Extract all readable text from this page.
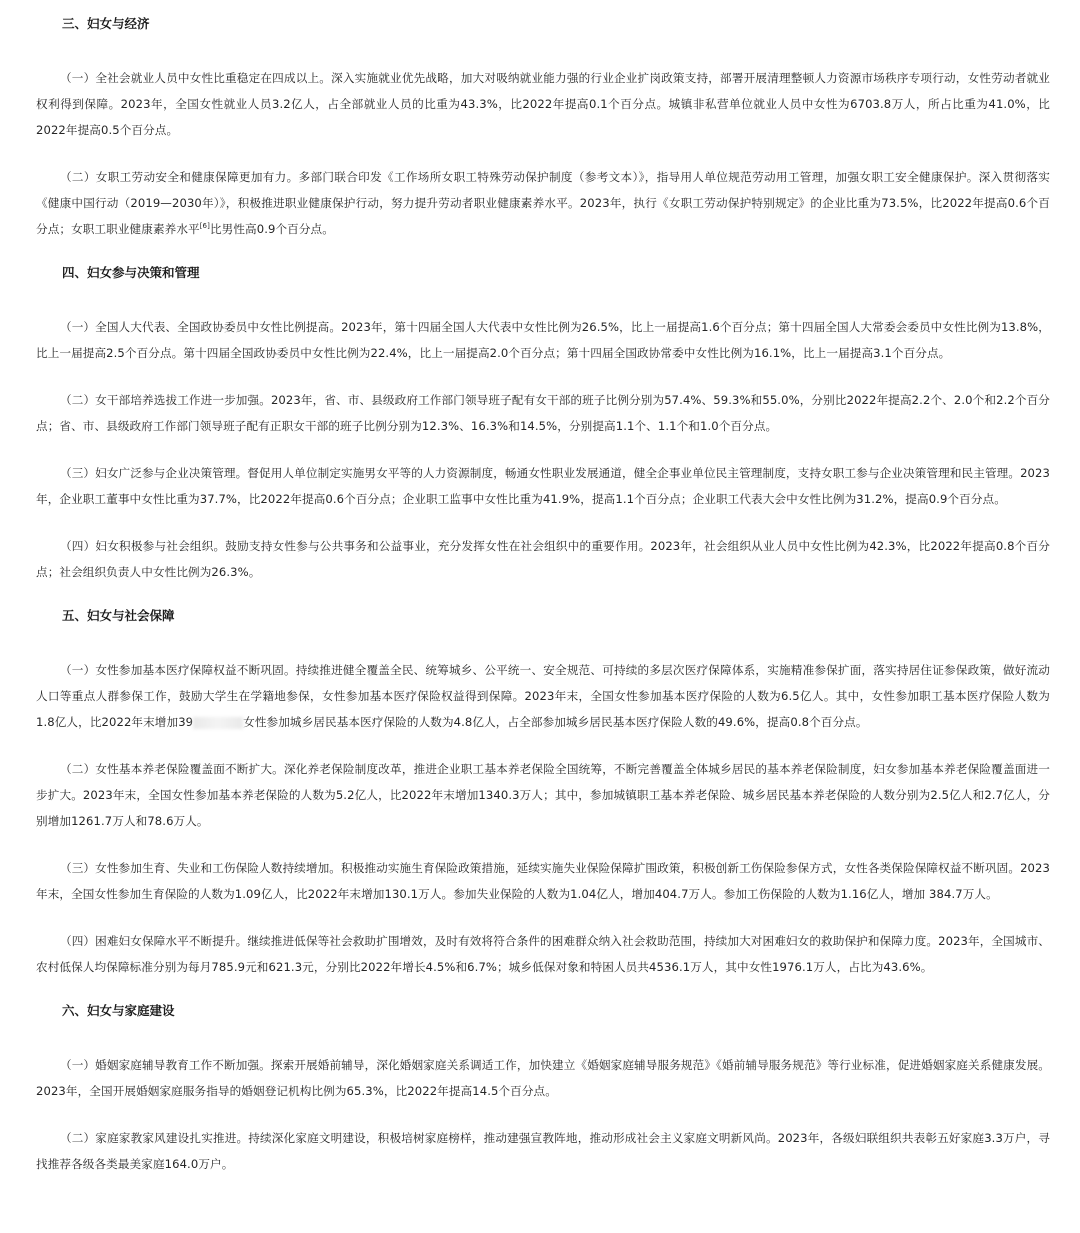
三、妇女与经济

（一）全社会就业人员中女性比重稳定在四成以上。深入实施就业优先战略，加大对吸纳就业能力强的行业企业扩岗政策支持，部署开展清理整顿人力资源市场秩序专项行动，女性劳动者就业权利得到保障。2023年，全国女性就业人员3.2亿人，占全部就业人员的比重为43.3%，比2022年提高0.1个百分点。城镇非私营单位就业人员中女性为6703.8万人，所占比重为41.0%，比2022年提高0.5个百分点。

（二）女职工劳动安全和健康保障更加有力。多部门联合印发《工作场所女职工特殊劳动保护制度（参考文本）》，指导用人单位规范劳动用工管理，加强女职工安全健康保护。深入贯彻落实《健康中国行动（2019—2030年）》，积极推进职业健康保护行动，努力提升劳动者职业健康素养水平。2023年，执行《女职工劳动保护特别规定》的企业比重为73.5%，比2022年提高0.6个百分点；女职工职业健康素养水平[6]比男性高0.9个百分点。

四、妇女参与决策和管理

（一）全国人大代表、全国政协委员中女性比例提高。2023年，第十四届全国人大代表中女性比例为26.5%，比上一届提高1.6个百分点；第十四届全国人大常委会委员中女性比例为13.8%，比上一届提高2.5个百分点。第十四届全国政协委员中女性比例为22.4%，比上一届提高2.0个百分点；第十四届全国政协常委中女性比例为16.1%，比上一届提高3.1个百分点。

（二）女干部培养选拔工作进一步加强。2023年，省、市、县级政府工作部门领导班子配有女干部的班子比例分别为57.4%、59.3%和55.0%，分别比2022年提高2.2个、2.0个和2.2个百分点；省、市、县级政府工作部门领导班子配有正职女干部的班子比例分别为12.3%、16.3%和14.5%，分别提高1.1个、1.1个和1.0个百分点。

（三）妇女广泛参与企业决策管理。督促用人单位制定实施男女平等的人力资源制度，畅通女性职业发展通道，健全企事业单位民主管理制度，支持女职工参与企业决策管理和民主管理。2023年，企业职工董事中女性比重为37.7%，比2022年提高0.6个百分点；企业职工监事中女性比重为41.9%，提高1.1个百分点；企业职工代表大会中女性比例为31.2%，提高0.9个百分点。

（四）妇女积极参与社会组织。鼓励支持女性参与公共事务和公益事业，充分发挥女性在社会组织中的重要作用。2023年，社会组织从业人员中女性比例为42.3%，比2022年提高0.8个百分点；社会组织负责人中女性比例为26.3%。

五、妇女与社会保障

（一）女性参加基本医疗保障权益不断巩固。持续推进健全覆盖全民、统筹城乡、公平统一、安全规范、可持续的多层次医疗保障体系，实施精准参保扩面，落实持居住证参保政策，做好流动人口等重点人群参保工作，鼓励大学生在学籍地参保，女性参加基本医疗保险权益得到保障。2023年末，全国女性参加基本医疗保险的人数为6.5亿人。其中，女性参加职工基本医疗保险人数为1.8亿人，比2022年末增加39	女性参加城乡居民基本医疗保险的人数为4.8亿人，占全部参加城乡居民基本医疗保险人数的49.6%，提高0.8个百分点。

（二）女性基本养老保险覆盖面不断扩大。深化养老保险制度改革，推进企业职工基本养老保险全国统筹，不断完善覆盖全体城乡居民的基本养老保险制度，妇女参加基本养老保险覆盖面进一步扩大。2023年末，全国女性参加基本养老保险的人数为5.2亿人，比2022年末增加1340.3万人；其中，参加城镇职工基本养老保险、城乡居民基本养老保险的人数分别为2.5亿人和2.7亿人，分别增加1261.7万人和78.6万人。

（三）女性参加生育、失业和工伤保险人数持续增加。积极推动实施生育保险政策措施，延续实施失业保险保障扩围政策，积极创新工伤保险参保方式，女性各类保险保障权益不断巩固。2023年末，全国女性参加生育保险的人数为1.09亿人，比2022年末增加130.1万人。参加失业保险的人数为1.04亿人，增加404.7万人。参加工伤保险的人数为1.16亿人，增加 384.7万人。

（四）困难妇女保障水平不断提升。继续推进低保等社会救助扩围增效，及时有效将符合条件的困难群众纳入社会救助范围，持续加大对困难妇女的救助保护和保障力度。2023年，全国城市、农村低保人均保障标准分别为每月785.9元和621.3元，分别比2022年增长4.5%和6.7%；城乡低保对象和特困人员共4536.1万人，其中女性1976.1万人，占比为43.6%。

六、妇女与家庭建设

（一）婚姻家庭辅导教育工作不断加强。探索开展婚前辅导，深化婚姻家庭关系调适工作，加快建立《婚姻家庭辅导服务规范》《婚前辅导服务规范》等行业标准，促进婚姻家庭关系健康发展。2023年，全国开展婚姻家庭服务指导的婚姻登记机构比例为65.3%，比2022年提高14.5个百分点。

（二）家庭家教家风建设扎实推进。持续深化家庭文明建设，积极培树家庭榜样，推动建强宣教阵地，推动形成社会主义家庭文明新风尚。2023年，各级妇联组织共表彰五好家庭3.3万户，寻找推荐各级各类最美家庭164.0万户。
